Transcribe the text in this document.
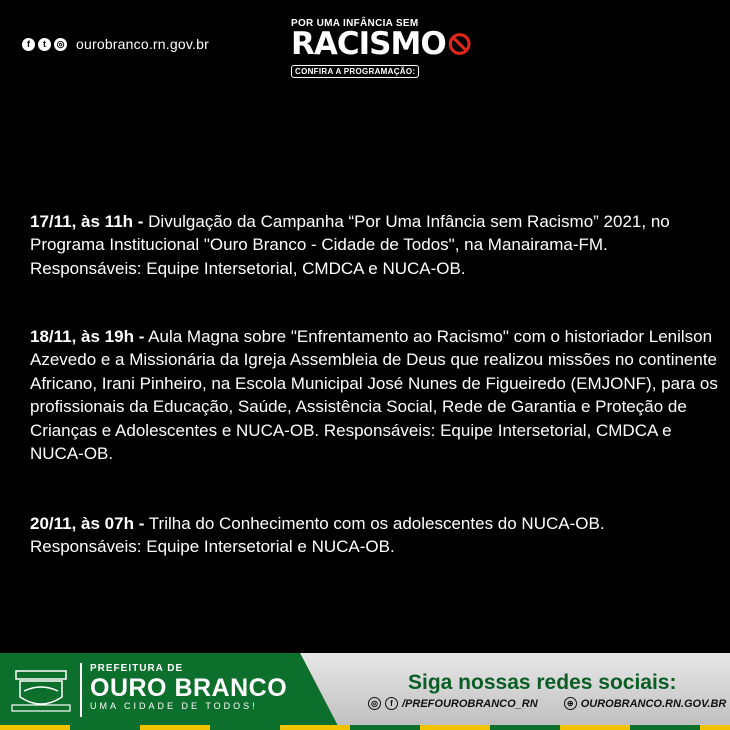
f	t	◎ ourobranco.rn.gov.br
POR UMA INFÂNCIA SEM
RACISMO
CONFIRA A PROGRAMAÇÃO:

17/11, às 11h - Divulgação da Campanha “Por Uma Infância sem Racismo” 2021, no Programa Institucional "Ouro Branco - Cidade de Todos", na Manairama-FM. Responsáveis: Equipe Intersetorial, CMDCA e NUCA-OB.

18/11, às 19h - Aula Magna sobre "Enfrentamento ao Racismo" com o historiador Lenilson Azevedo e a Missionária da Igreja Assembleia de Deus que realizou missões no continente Africano, Irani Pinheiro, na Escola Municipal José Nunes de Figueiredo (EMJONF), para os profissionais da Educação, Saúde, Assistência Social, Rede de Garantia e Proteção de Crianças e Adolescentes e NUCA-OB. Responsáveis: Equipe Intersetorial, CMDCA e NUCA-OB.

20/11, às 07h - Trilha do Conhecimento com os adolescentes do NUCA-OB. Responsáveis: Equipe Intersetorial e NUCA-OB.

PREFEITURA DE
OURO BRANCO
UMA CIDADE DE TODOS!
Siga nossas redes sociais:
◎	f /PREFOUROBRANCO_RN	⊕ OUROBRANCO.RN.GOV.BR
